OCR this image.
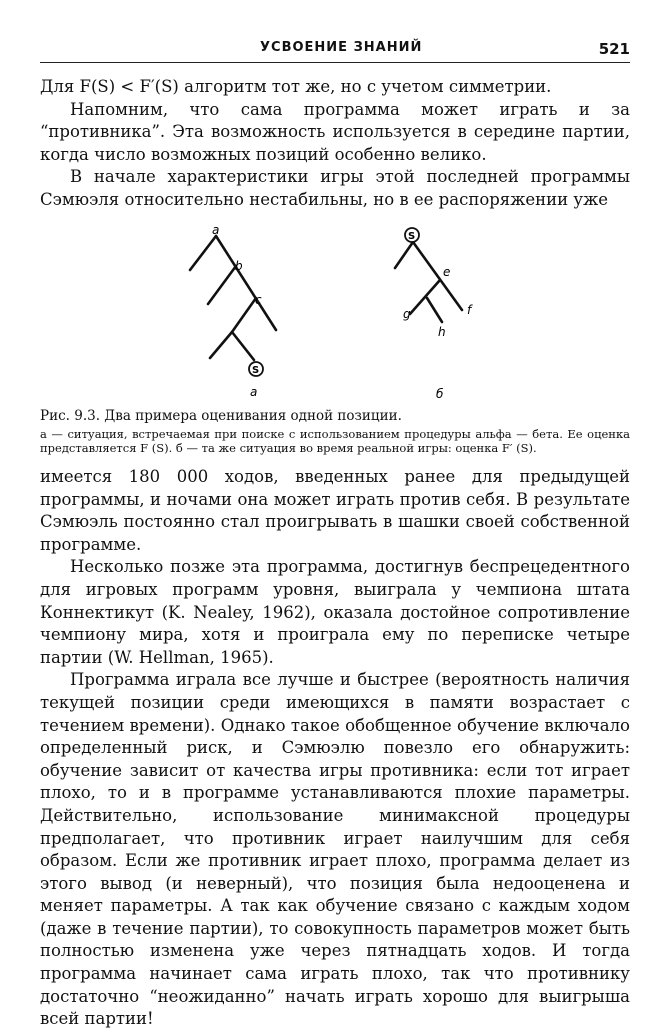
УСВОЕНИЕ ЗНАНИЙ	521

Для F(S) < F′(S) алгоритм тот же, но с учетом симметрии.

Напомним, что сама программа может играть и за “противника”. Эта возможность используется в середине партии, когда число возможных позиций особенно велико.

В начале характеристики игры этой последней программы Сэмюэля относительно нестабильны, но в ее распоряжении уже

a
b
c
S
а
S
e
f
g
h
б

Рис. 9.3. Два примера оценивания одной позиции.

а — ситуация, встречаемая при поиске с использованием процедуры альфа — бета. Ее оценка представляется F (S). б — та же ситуация во время реальной игры: оценка F′ (S).

имеется 180 000 ходов, введенных ранее для предыдущей программы, и ночами она может играть против себя. В результате Сэмюэль постоянно стал проигрывать в шашки своей собственной программе.

Несколько позже эта программа, достигнув беспрецедентного для игровых программ уровня, выиграла у чемпиона штата Коннектикут (K. Nealey, 1962), оказала достойное сопротивление чемпиону мира, хотя и проиграла ему по переписке четыре партии (W. Hellman, 1965).

Программа играла все лучше и быстрее (вероятность наличия текущей позиции среди имеющихся в памяти возрастает с течением времени). Однако такое обобщенное обучение включало определенный риск, и Сэмюэлю повезло его обнаружить: обучение зависит от качества игры противника: если тот играет плохо, то и в программе устанавливаются плохие параметры. Действительно, использование минимаксной процедуры предполагает, что противник играет наилучшим для себя образом. Если же противник играет плохо, программа делает из этого вывод (и неверный), что позиция была недооценена и меняет параметры. А так как обучение связано с каждым ходом (даже в течение партии), то совокупность параметров может быть полностью изменена уже через пятнадцать ходов. И тогда программа начинает сама играть плохо, так что противнику достаточно “неожиданно” начать играть хорошо для выигрыша всей партии!
